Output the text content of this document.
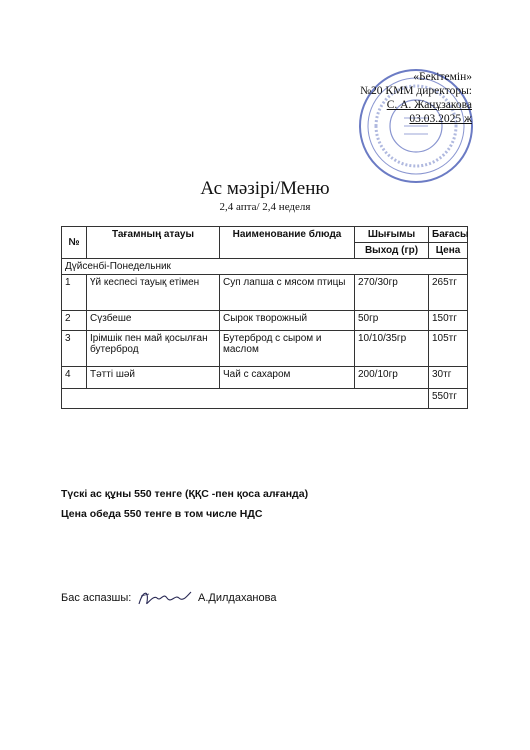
«Бекітемін»
№20 КММ директоры:
С. А. Жанұзакова
03.03.2025 ж
Ас мәзірі/Меню
2,4 апта/ 2,4 неделя
№	Тағамның атауы	Наименование блюда	Шығымы	Бағасы
			Выход (гр)	Цена
Дүйсенбі-Понедельник				
1	Үй кеспесі тауық етімен	Суп лапша с мясом птицы	270/30гр	265тг
2	Сүзбеше	Сырок творожный	50гр	150тг
3	Ірімшік пен май қосылған бутерброд	Бутерброд с сыром и маслом	10/10/35гр	105тг
4	Тәтті шәй	Чай с сахаром	200/10гр	30тг
				550тг
Түскі ас құны 550 тенге (ҚҚС -пен қоса алғанда)
Цена обеда 550 тенге в том числе НДС
Бас аспазшы:	А.Дилдаханова
